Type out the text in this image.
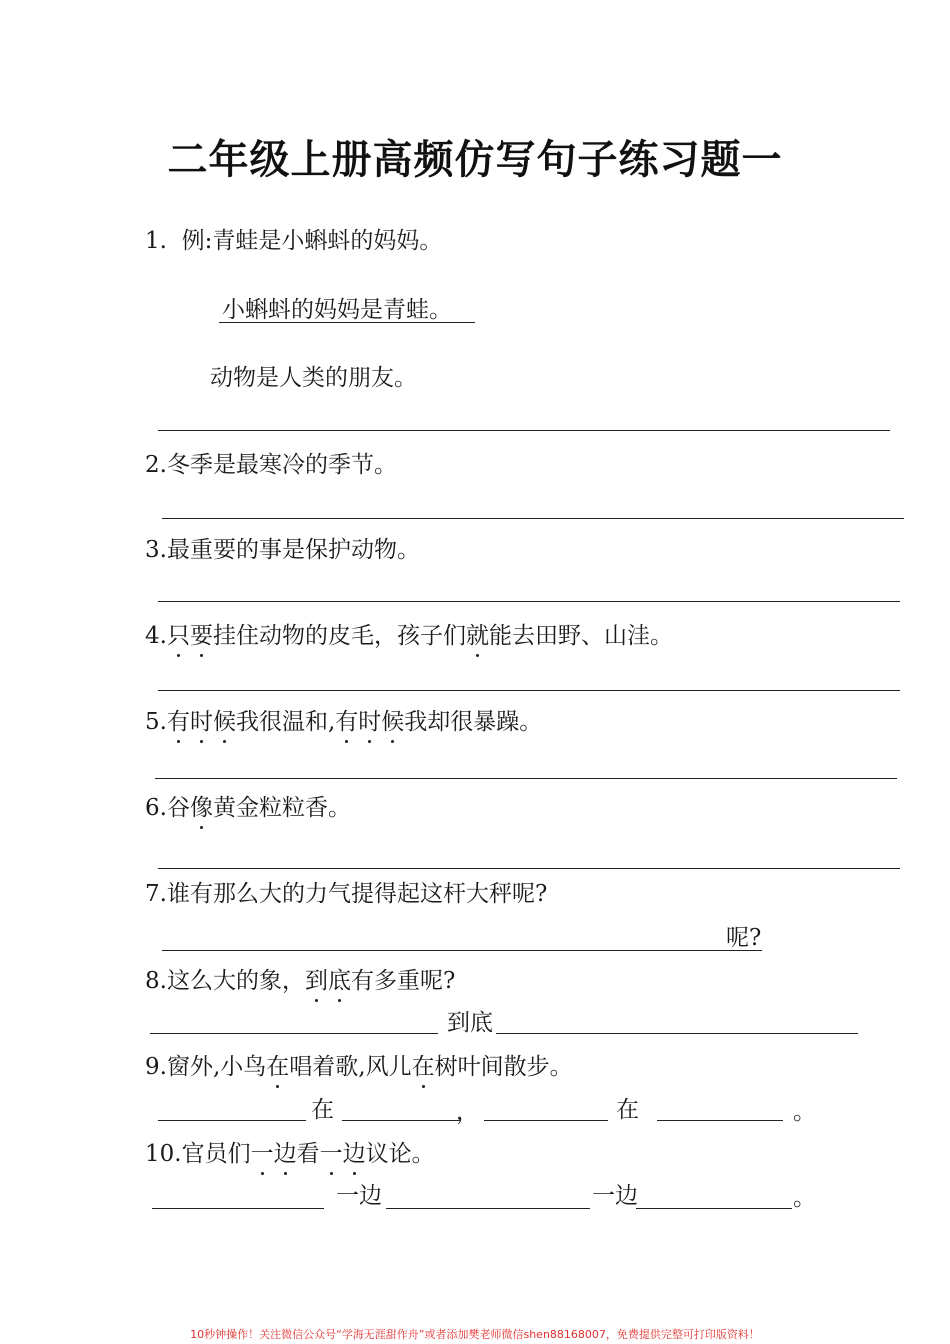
二年级上册高频仿写句子练习题一
1. 例:青蛙是小蝌蚪的妈妈。
小蝌蚪的妈妈是青蛙。
动物是人类的朋友。
2.冬季是最寒冷的季节。
3.最重要的事是保护动物。
4.只要挂住动物的皮毛，孩子们就能去田野、山洼。
5.有时候我很温和,有时候我却很暴躁。
6.谷像黄金粒粒香。
7.谁有那么大的力气提得起这杆大秤呢?
呢?
8.这么大的象，到底有多重呢?
到底
9.窗外,小鸟在唱着歌,风儿在树叶间散步。
在	，	在	。
10.官员们一边看一边议论。
一边	一边	。
10秒钟操作！关注微信公众号“学海无涯甜作舟”或者添加樊老师微信shen88168007，免费提供完整可打印版资料！
